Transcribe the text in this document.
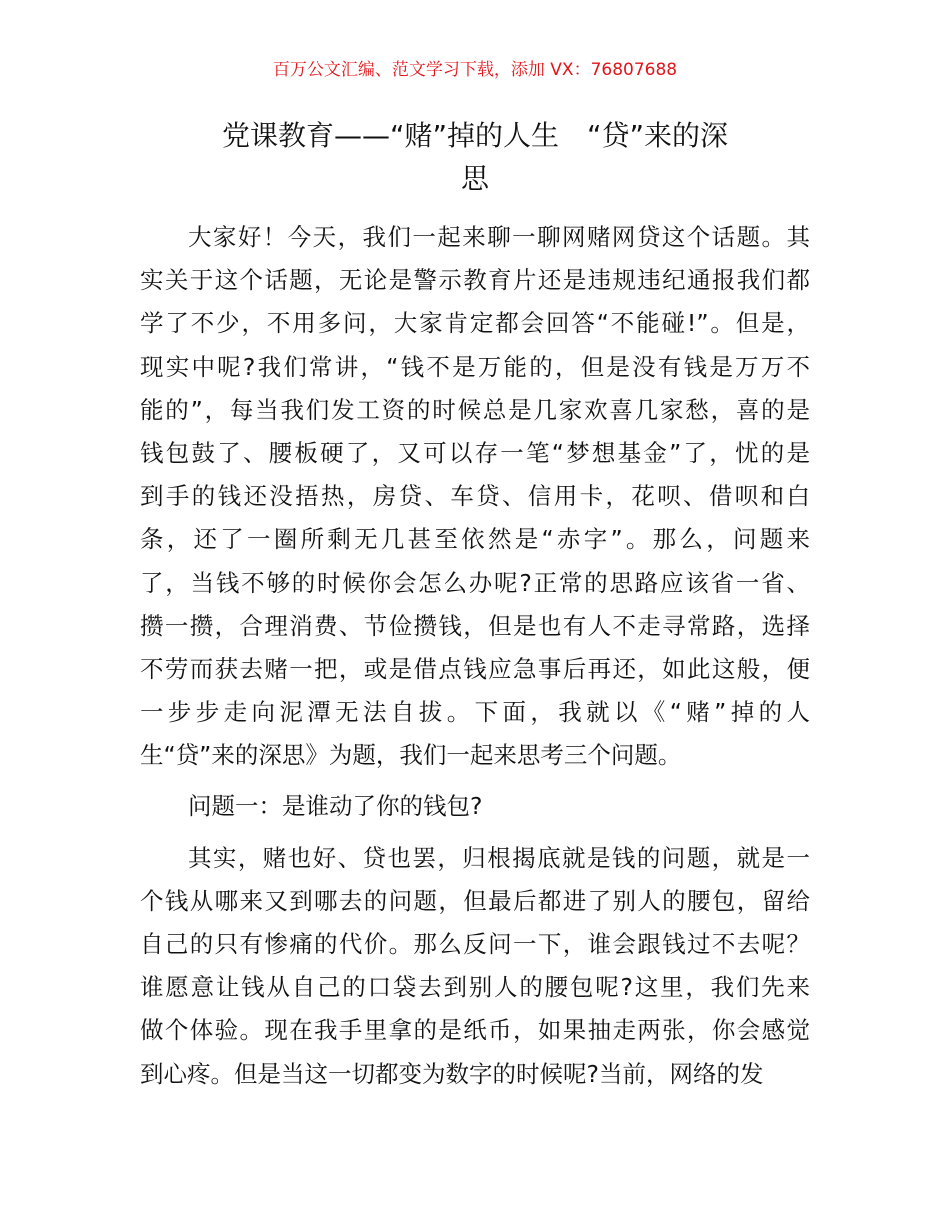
百万公文汇编、范文学习下载，添加 VX：76807688
党课教育——“赌”掉的人生　“贷”来的深
思
大家好！今天，我们一起来聊一聊网赌网贷这个话题。其
实关于这个话题，无论是警示教育片还是违规违纪通报我们都
学了不少，不用多问，大家肯定都会回答“不能碰!”。但是，
现实中呢?我们常讲，“钱不是万能的，但是没有钱是万万不
能的”，每当我们发工资的时候总是几家欢喜几家愁，喜的是
钱包鼓了、腰板硬了，又可以存一笔“梦想基金”了，忧的是
到手的钱还没捂热，房贷、车贷、信用卡，花呗、借呗和白
条，还了一圈所剩无几甚至依然是“赤字”。那么，问题来
了，当钱不够的时候你会怎么办呢?正常的思路应该省一省、
攒一攒，合理消费、节俭攒钱，但是也有人不走寻常路，选择
不劳而获去赌一把，或是借点钱应急事后再还，如此这般，便
一步步走向泥潭无法自拔。下面，我就以《“赌”掉的人
生“贷”来的深思》为题，我们一起来思考三个问题。
问题一：是谁动了你的钱包?
其实，赌也好、贷也罢，归根揭底就是钱的问题，就是一
个钱从哪来又到哪去的问题，但最后都进了别人的腰包，留给
自己的只有惨痛的代价。那么反问一下，谁会跟钱过不去呢？
谁愿意让钱从自己的口袋去到别人的腰包呢?这里，我们先来
做个体验。现在我手里拿的是纸币，如果抽走两张，你会感觉
到心疼。但是当这一切都变为数字的时候呢?当前，网络的发
